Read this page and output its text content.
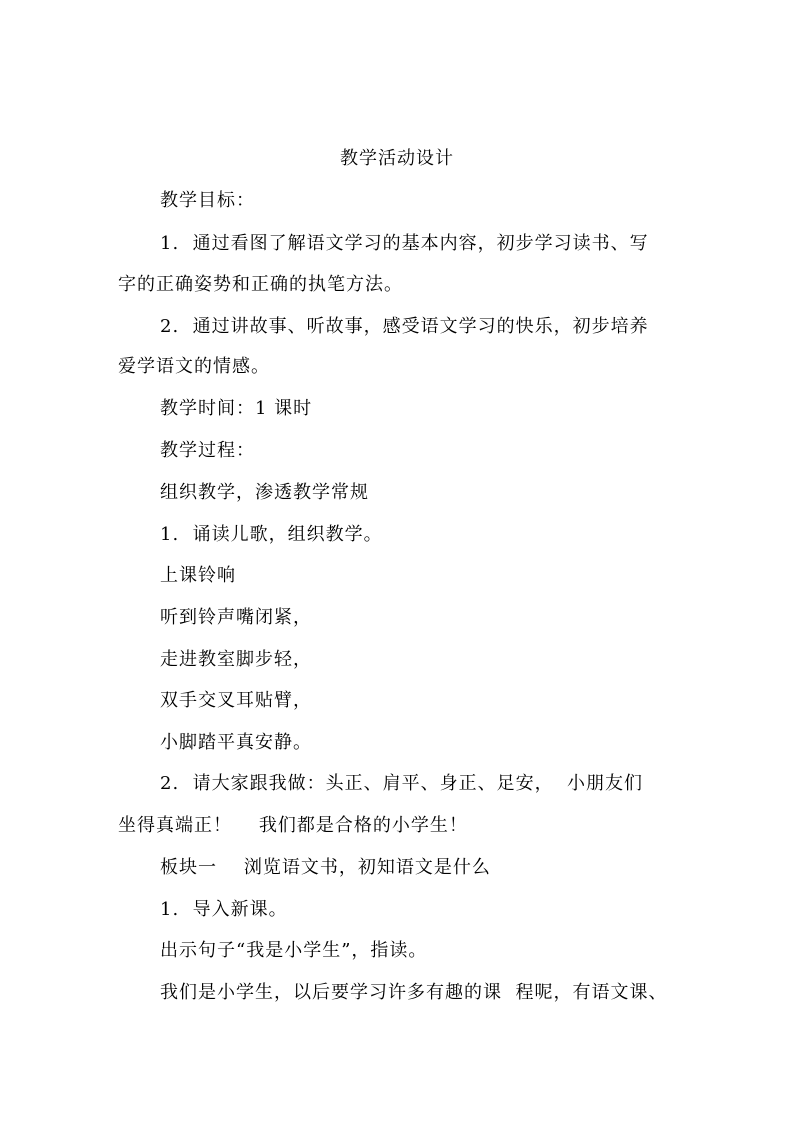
教学活动设计
教学目标：
1.  通过看图了解语文学习的基本内容，初步学习读书、写
字的正确姿势和正确的执笔方法。
2.  通过讲故事、听故事，感受语文学习的快乐，初步培养
爱学语文的情感。
教学时间：1 课时
教学过程：
组织教学，渗透教学常规
1.  诵读儿歌，组织教学。
上课铃响
听到铃声嘴闭紧，
走进教室脚步轻，
双手交叉耳贴臂，
小脚踏平真安静。
2.  请大家跟我做：头正、肩平、身正、足安，  小朋友们
坐得真端正！    我们都是合格的小学生！
板块一    浏览语文书，初知语文是什么
1.  导入新课。
出示句子“我是小学生”，指读。
我们是小学生，以后要学习许多有趣的课  程呢，有语文课、
